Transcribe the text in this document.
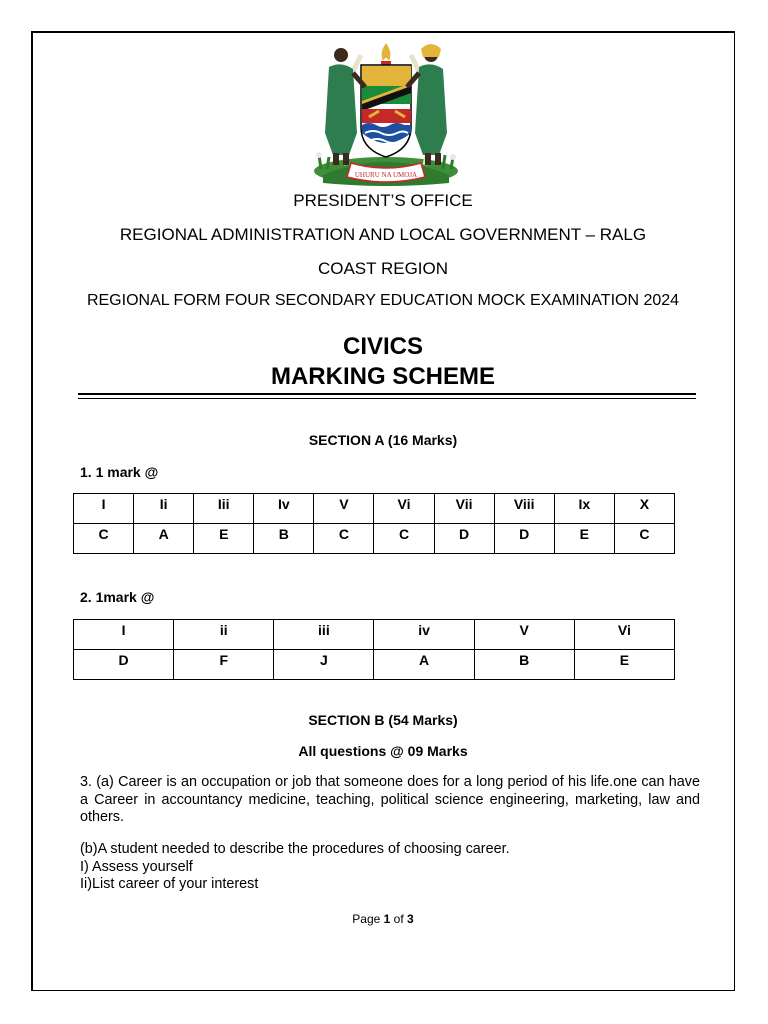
UHURU NA UMOJA
PRESIDENT’S OFFICE
REGIONAL ADMINISTRATION AND LOCAL GOVERNMENT – RALG
COAST REGION
REGIONAL FORM FOUR SECONDARY EDUCATION MOCK EXAMINATION 2024
CIVICS
MARKING SCHEME
SECTION A (16 Marks)
1. 1 mark @
I	Ii	Iii	Iv	V	Vi	Vii	Viii	Ix	X
C	A	E	B	C	C	D	D	E	C
2. 1mark @
I	ii	iii	iv	V	Vi
D	F	J	A	B	E
SECTION B (54 Marks)
All questions @ 09 Marks
3. (a) Career is an occupation or job that someone does for a long period of his life.one can have a Career in accountancy medicine, teaching, political science engineering, marketing, law and others.
(b)A student needed to describe the procedures of choosing career.
I) Assess yourself
Ii)List career of your interest
Page 1 of 3
